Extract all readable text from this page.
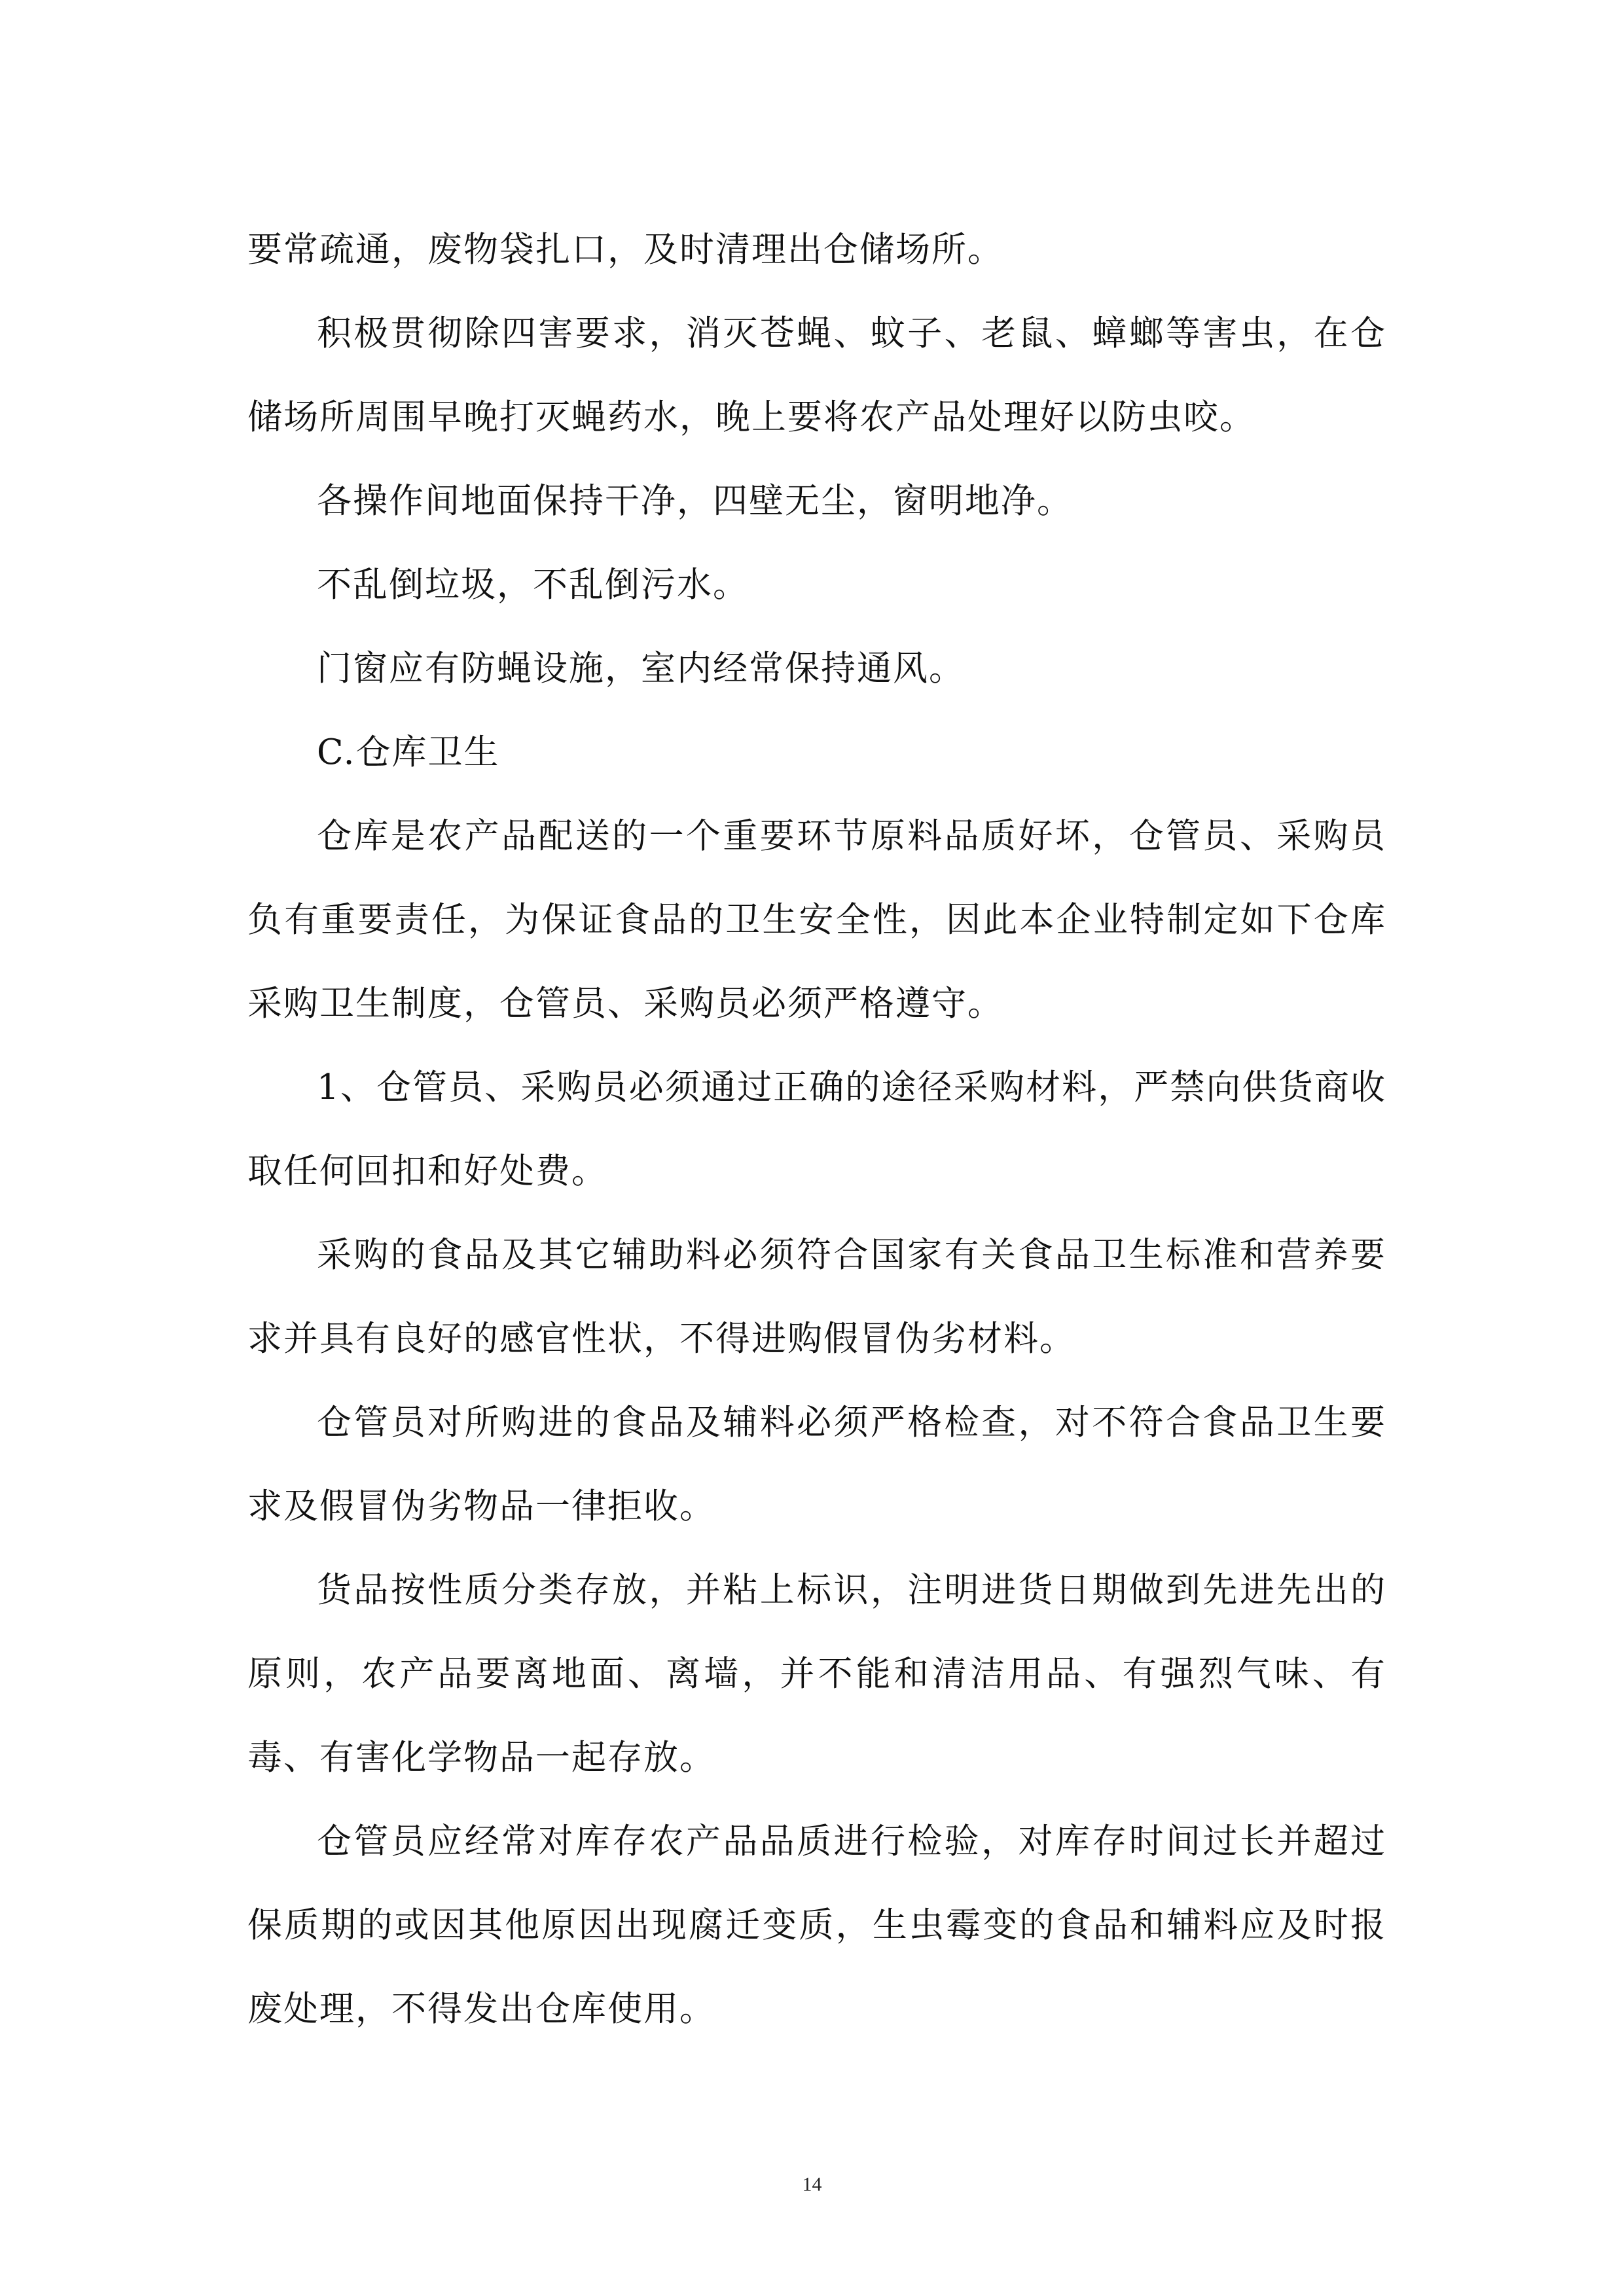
要常疏通，废物袋扎口，及时清理出仓储场所。

积极贯彻除四害要求，消灭苍蝇、蚊子、老鼠、蟑螂等害虫，在仓储场所周围早晚打灭蝇药水，晚上要将农产品处理好以防虫咬。

各操作间地面保持干净，四壁无尘，窗明地净。

不乱倒垃圾，不乱倒污水。

门窗应有防蝇设施，室内经常保持通风。

C.仓库卫生

仓库是农产品配送的一个重要环节原料品质好坏，仓管员、采购员负有重要责任，为保证食品的卫生安全性，因此本企业特制定如下仓库采购卫生制度，仓管员、采购员必须严格遵守。

1、仓管员、采购员必须通过正确的途径采购材料，严禁向供货商收取任何回扣和好处费。

采购的食品及其它辅助料必须符合国家有关食品卫生标准和营养要求并具有良好的感官性状，不得进购假冒伪劣材料。

仓管员对所购进的食品及辅料必须严格检查，对不符合食品卫生要求及假冒伪劣物品一律拒收。

货品按性质分类存放，并粘上标识，注明进货日期做到先进先出的原则，农产品要离地面、离墙，并不能和清洁用品、有强烈气味、有毒、有害化学物品一起存放。

仓管员应经常对库存农产品品质进行检验，对库存时间过长并超过保质期的或因其他原因出现腐迁变质，生虫霉变的食品和辅料应及时报废处理，不得发出仓库使用。

14
